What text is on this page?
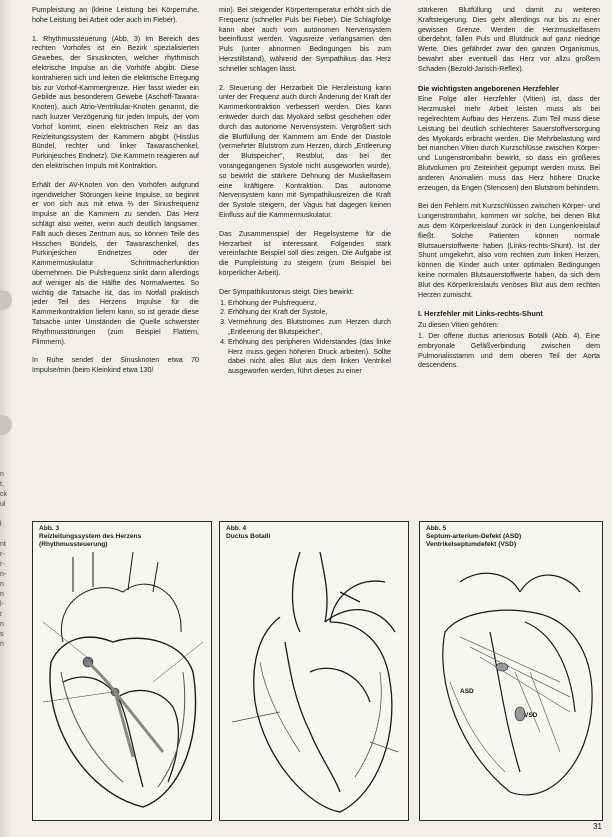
n
t,
ck
ul

l

nt
r-
r-
n-
n
n
l-
r
n
s
n

Pumpleistung an (kleine Leistung bei Körperruhe, hohe Leistung bei Arbeit oder auch im Fieber).

1. Rhythmussteuerung (Abb. 3) Im Bereich des rechten Vorhofes ist ein Bezirk spezialisierten Gewebes, der Sinusknoten, welcher rhythmisch elektrische Impulse an die Vorhöfe abgibt. Diese kontrahieren sich und leiten die elektrische Erregung bis zur Vorhof-Kammergrenze. Hier fasst wieder ein Gebilde aus besonderem Gewebe (Aschoff-Tawara-Knoten), auch Atrio-Ventrikular-Knoten genannt, die nach kurzer Verzögerung für jeden Impuls, der vom Vorhof kommt, einen elektrischen Reiz an das Reizleitungssystem der Kammern abgibt (Hisslus Bündel, rechter und linker Tawaraschenkel, Purkinjesches Endnetz). Die Kammern reagieren auf den elektrischen Impuls mit Kontraktion.

Erhält der AV-Knoten von den Vorhöfen aufgrund irgendwelcher Störungen keine Impulse, so beginnt er von sich aus mit etwa ⅔ der Sinusfrequenz Impulse an die Kammern zu senden. Das Herz schlägt also weiter, wenn auch deutlich langsamer. Fällt auch dieses Zentrum aus, so können Teile des Hisschen Bündels, der Tawaraschenkel, des Purkinjeschen Endnetzes oder der Kammermuskulatur Schrittmacherfunktion übernehmen. Die Pulsfrequenz sinkt dann allerdings auf weniger als die Hälfte des Normalwertes. So wichtig die Tatsache ist, das im Notfall praktisch jeder Teil des Herzens Impulse für die Kammerkontraktion liefern kann, so ist gerade diese Tatsache unter Umständen die Quelle schwerster Rhythmusstörungen (zum Beispiel Flattern, Flimmern).

In Ruhe sendet der Sinusknoten etwa 70 Impulse/min (beim Kleinkind etwa 130/

min). Bei steigender Körpertemperatur erhöht sich die Frequenz (schneller Puls bei Fieber). Die Schlagfolge kann aber auch vom autonomen Nervensystem beeinflusst werden. Vagusreize verlangsamen den Puls (unter abnormen Bedingungen bis zum Herzstillstand), während der Sympathikus das Herz schneller schlagen lässt.

2. Steuerung der Herzarbeit Die Herzleistung kann unter der Frequenz auch durch Änderung der Kraft der Kammerkontraktion verbessert werden. Dies kann entweder durch das Myokard selbst geschehen oder durch das autonome Nervensystem. Vergrößert sich die Blutfüllung der Kammern am Ende der Diastole (vermehrter Blutstrom zum Herzen, durch „Entleerung der Blutspeicher“, Restblut, das bei der vorangegangenen Systole nicht ausgeworfen wurde), so bewirkt die stärkere Dehnung der Muskelfasern eine kräftigere Kontraktion. Das autonome Nervensystem kann mit Sympathikusreizen die Kraft der Systole steigern, der Vagus hat dagegen keinen Einfluss auf die Kammermuskulatur.

Das Zusammenspiel der Regelsysteme für die Herzarbeit ist interessant. Folgendes stark vereinfachte Beispiel soll dies zeigen. Die Aufgabe ist die Pumpleistung zu steigern (zum Beispiel bei körperlicher Arbeit).

Der Sympathikustonus steigt. Dies bewirkt:

1. Erhöhung der Pulsfrequenz,
2. Erhöhung der Kraft der Systole,
3. Vermehrung des Blutstromes zum Herzen durch „Entleerung der Blutspeicher“,
4. Erhöhung des peripheren Widerstandes (das linke Herz muss gegen höheren Druck arbeiten). Sollte dabei nicht alles Blut aus dem linken Ventrikel ausgeworfen werden, führt dieses zu einer

stärkeren Blutfüllung und damit zu weiteren Kraftsteigerung. Dies geht allerdings nur bis zu einer gewissen Grenze. Werden die Herzmuskelfasern überdehnt, fallen Puls und Blutdruck auf ganz niedrige Werte. Dies gefährdet zwar den ganzen Organismus, bewahrt aber eventuell das Herz vor allzu großem Schaden (Bezold-Jarisch-Reflex).

Die wichtigsten angeborenen Herzfehler

Eine Folge aller Herzfehler (Vitien) ist, dass der Herzmuskel mehr Arbeit leisten muss als bei regelrechtem Aufbau des Herzens. Zum Teil muss diese Leistung bei deutlich schlechterer Sauerstoffversorgung des Myokards erbracht werden. Die Mehrbelastung wird bei manchen Vitien durch Kurzschlüsse zwischen Körper- und Lungenstrombahn bewirkt, so dass ein größeres Blutvolumen pro Zeiteinheit gepumpt werden muss. Bei anderen Anomalien muss das Herz höhere Drucke erzeugen, da Engen (Stenosen) den Blutstrom behindern.

Bei den Fehlern mit Kurzschlüssen zwischen Körper- und Lungenstrombahn, kommen wir solche, bei denen Blut aus dem Körperkreislauf zurück in den Lungenkreislauf fließt. Solche Patienten können normale Blutsauerstoffwerte haben (Links-rechts-Shunt). Ist der Shunt umgekehrt, also vom rechten zum linken Herzen, können die Kinder auch unter optimalen Bedingungen keine normalen Blutsauerstoffwerte haben, da sich dem Blut des Körperkreislaufs venöses Blut aus dem rechten Herzen zumischt.

I. Herzfehler mit Links-rechts-Shunt

Zu diesen Vitien gehören:

1. Der offene ductus arteriosus Botalli (Abb. 4). Eine embryonale Gefäßverbindung zwischen dem Pulmonalisstamm und dem oberen Teil der Aorta descendens.

Abb. 3
Reizleitungssystem des Herzens
(Rhythmussteuerung)
Abb. 4
Ductus Botalli
ASD
VSD
Abb. 5
Septum-arterium-Defekt (ASD)
Ventrikelseptumdefekt (VSD)
31
